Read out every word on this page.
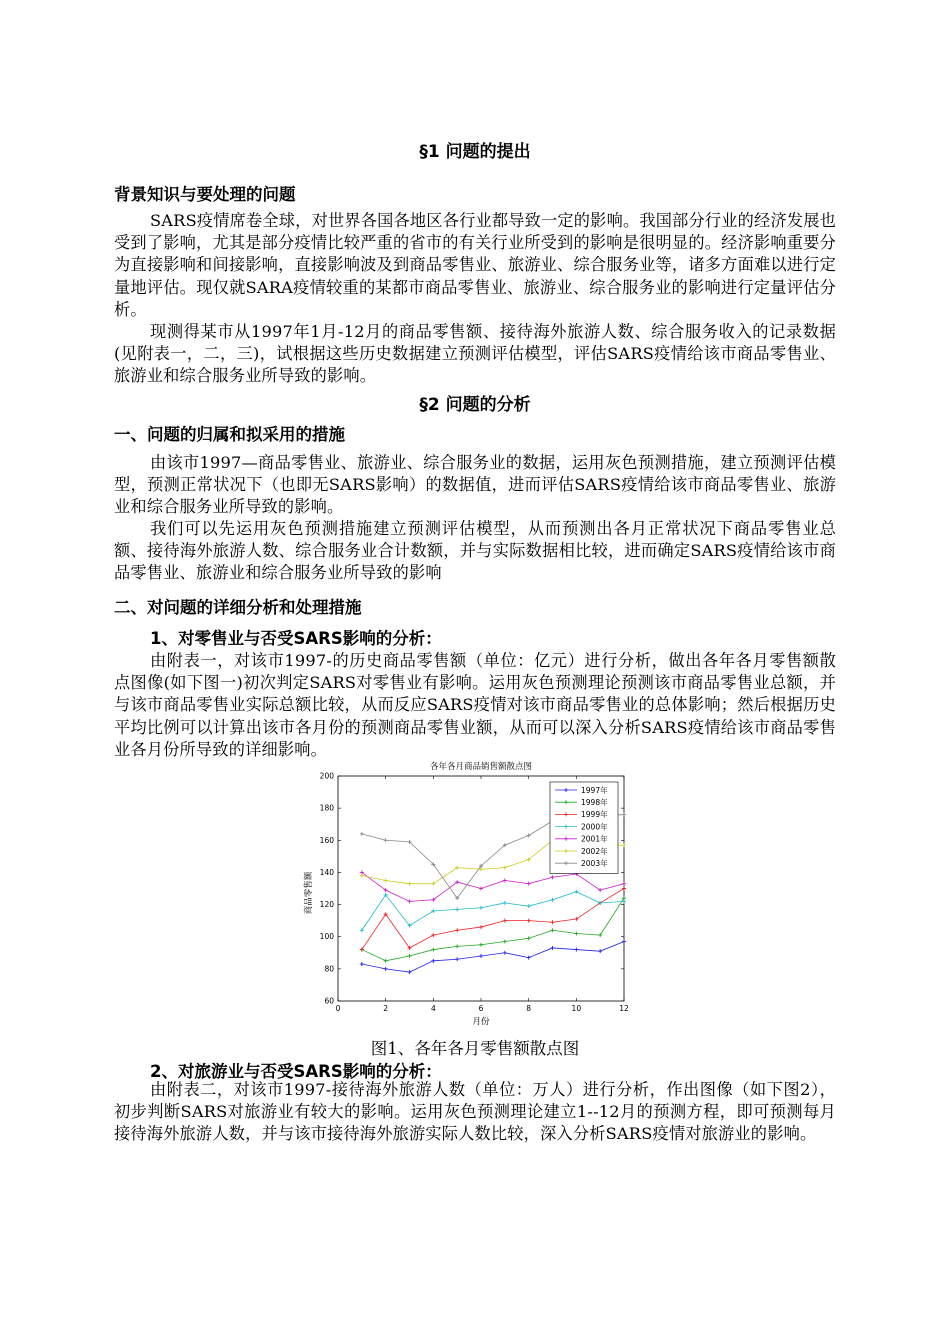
§1 问题的提出
背景知识与要处理的问题
SARS疫情席卷全球，对世界各国各地区各行业都导致一定的影响。我国部分行业的经济发展也受到了影响，尤其是部分疫情比较严重的省市的有关行业所受到的影响是很明显的。经济影响重要分为直接影响和间接影响，直接影响波及到商品零售业、旅游业、综合服务业等，诸多方面难以进行定量地评估。现仅就SARA疫情较重的某都市商品零售业、旅游业、综合服务业的影响进行定量评估分析。
现测得某市从1997年1月-12月的商品零售额、接待海外旅游人数、综合服务收入的记录数据(见附表一，二，三)，试根据这些历史数据建立预测评估模型，评估SARS疫情给该市商品零售业、旅游业和综合服务业所导致的影响。
§2 问题的分析
一、问题的归属和拟采用的措施
由该市1997—商品零售业、旅游业、综合服务业的数据，运用灰色预测措施，建立预测评估模型，预测正常状况下（也即无SARS影响）的数据值，进而评估SARS疫情给该市商品零售业、旅游业和综合服务业所导致的影响。
我们可以先运用灰色预测措施建立预测评估模型，从而预测出各月正常状况下商品零售业总额、接待海外旅游人数、综合服务业合计数额，并与实际数据相比较，进而确定SARS疫情给该市商品零售业、旅游业和综合服务业所导致的影响
二、对问题的详细分析和处理措施
1、对零售业与否受SARS影响的分析：
由附表一，对该市1997-的历史商品零售额（单位：亿元）进行分析，做出各年各月零售额散点图像(如下图一)初次判定SARS对零售业有影响。运用灰色预测理论预测该市商品零售业总额，并与该市商品零售业实际总额比较，从而反应SARS疫情对该市商品零售业的总体影响；然后根据历史平均比例可以计算出该市各月份的预测商品零售业额，从而可以深入分析SARS疫情给该市商品零售业各月份所导致的详细影响。
各年各月商品销售额散点图
月份
商品零售额
0	2	4	6	8	10	12
60
80
100
120
140
160
180
200
1997年
1998年
1999年
2000年
2001年
2002年
2003年
图1、各年各月零售额散点图
2、对旅游业与否受SARS影响的分析：
由附表二，对该市1997-接待海外旅游人数（单位：万人）进行分析，作出图像（如下图2），初步判断SARS对旅游业有较大的影响。运用灰色预测理论建立1--12月的预测方程，即可预测每月接待海外旅游人数，并与该市接待海外旅游实际人数比较，深入分析SARS疫情对旅游业的影响。
